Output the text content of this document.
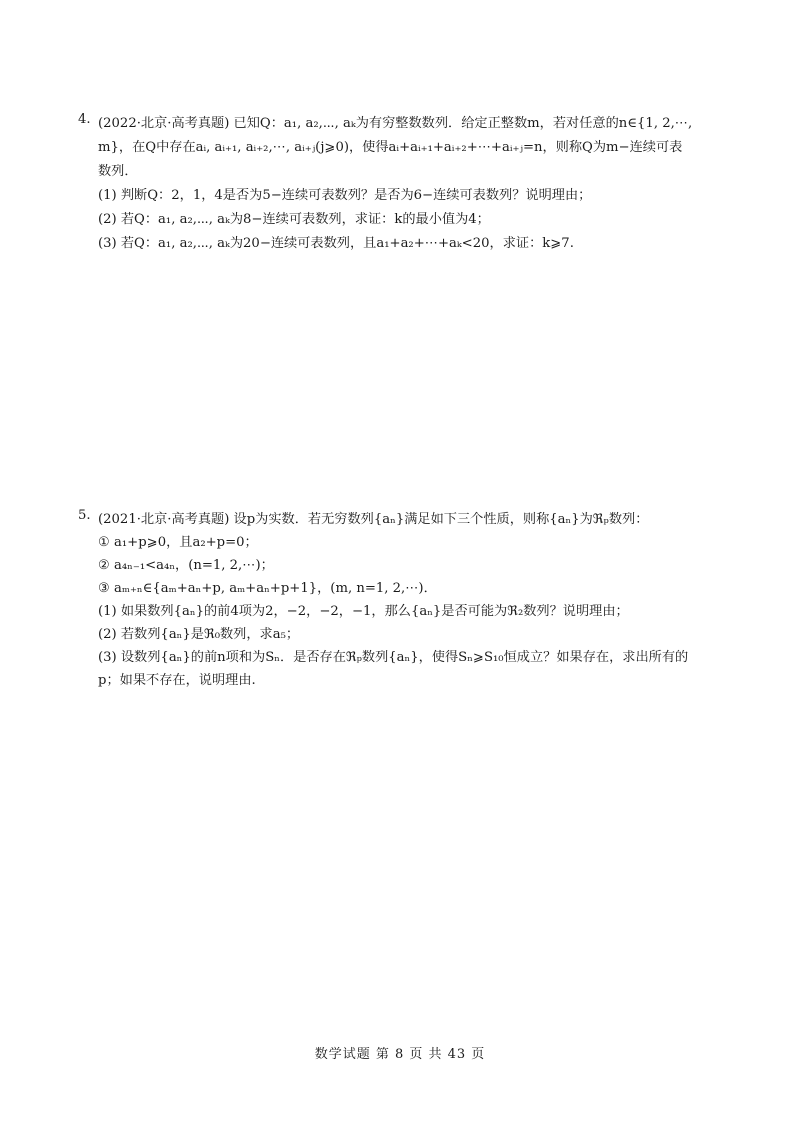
4. (2022·北京·高考真题) 已知Q：a₁, a₂,⋯, aₖ为有穷整数数列．给定正整数m，若对任意的n∈{1, 2,⋯,
m}，在Q中存在aᵢ, aᵢ₊₁, aᵢ₊₂,⋯, aᵢ₊ⱼ(j⩾0)，使得aᵢ+aᵢ₊₁+aᵢ₊₂+⋯+aᵢ₊ⱼ=n，则称Q为m−连续可表
数列．
(1) 判断Q：2，1，4是否为5−连续可表数列？是否为6−连续可表数列？说明理由；
(2) 若Q：a₁, a₂,⋯, aₖ为8−连续可表数列，求证：k的最小值为4；
(3) 若Q：a₁, a₂,⋯, aₖ为20−连续可表数列，且a₁+a₂+⋯+aₖ<20，求证：k⩾7.
5. (2021·北京·高考真题) 设p为实数．若无穷数列{aₙ}满足如下三个性质，则称{aₙ}为ℜₚ数列：
① a₁+p⩾0，且a₂+p=0；
② a₄ₙ₋₁<a₄ₙ，(n=1, 2,⋯)；
③ aₘ₊ₙ∈{aₘ+aₙ+p, aₘ+aₙ+p+1}，(m, n=1, 2,⋯)．
(1) 如果数列{aₙ}的前4项为2，−2，−2，−1，那么{aₙ}是否可能为ℜ₂数列？说明理由；
(2) 若数列{aₙ}是ℜ₀数列，求a₅；
(3) 设数列{aₙ}的前n项和为Sₙ．是否存在ℜₚ数列{aₙ}，使得Sₙ⩾S₁₀恒成立？如果存在，求出所有的
p；如果不存在，说明理由.
数学试题 第 8 页 共 43 页
